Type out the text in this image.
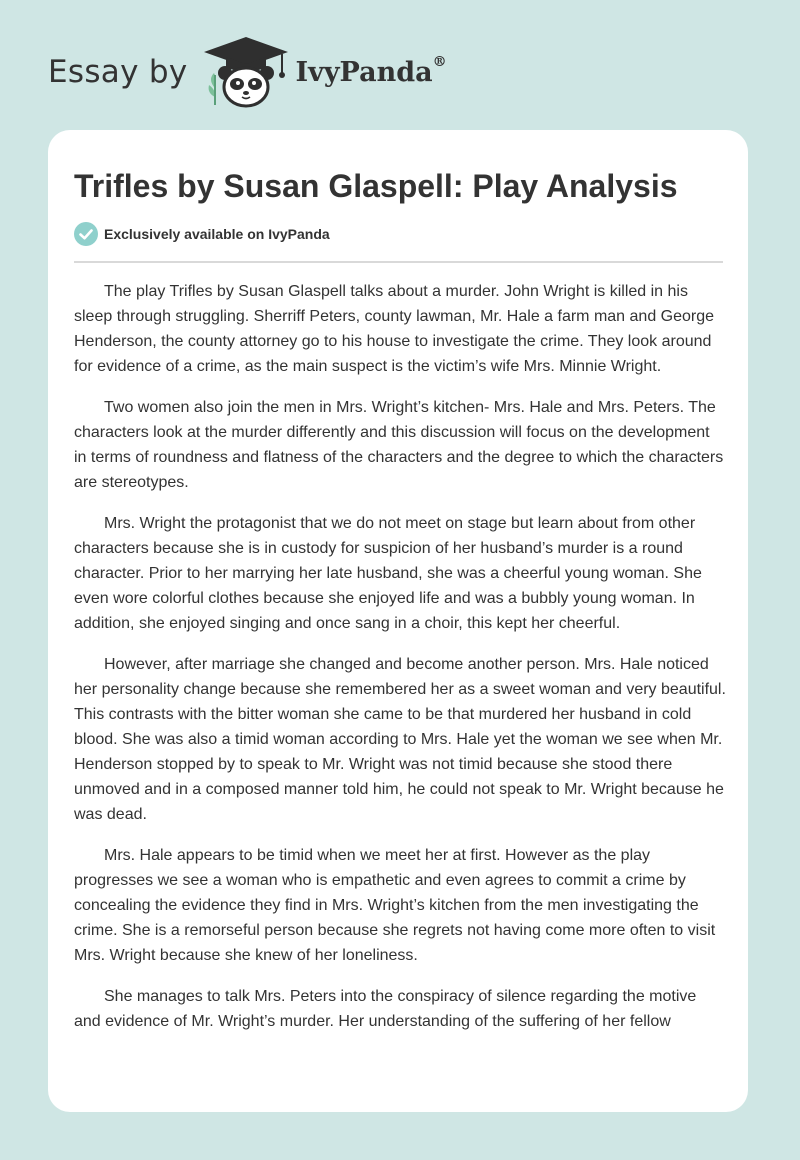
Essay by	IvyPanda®
Trifles by Susan Glaspell: Play Analysis
Exclusively available on IvyPanda

The play Trifles by Susan Glaspell talks about a murder. John Wright is killed in his sleep through struggling. Sherriff Peters, county lawman, Mr. Hale a farm man and George Henderson, the county attorney go to his house to investigate the crime. They look around for evidence of a crime, as the main suspect is the victim’s wife Mrs. Minnie Wright.

Two women also join the men in Mrs. Wright’s kitchen- Mrs. Hale and Mrs. Peters. The characters look at the murder differently and this discussion will focus on the development in terms of roundness and flatness of the characters and the degree to which the characters are stereotypes.

Mrs. Wright the protagonist that we do not meet on stage but learn about from other characters because she is in custody for suspicion of her husband’s murder is a round character. Prior to her marrying her late husband, she was a cheerful young woman. She even wore colorful clothes because she enjoyed life and was a bubbly young woman. In addition, she enjoyed singing and once sang in a choir, this kept her cheerful.

However, after marriage she changed and become another person. Mrs. Hale noticed her personality change because she remembered her as a sweet woman and very beautiful. This contrasts with the bitter woman she came to be that murdered her husband in cold blood. She was also a timid woman according to Mrs. Hale yet the woman we see when Mr. Henderson stopped by to speak to Mr. Wright was not timid because she stood there unmoved and in a composed manner told him, he could not speak to Mr. Wright because he was dead.

Mrs. Hale appears to be timid when we meet her at first. However as the play progresses we see a woman who is empathetic and even agrees to commit a crime by concealing the evidence they find in Mrs. Wright’s kitchen from the men investigating the crime. She is a remorseful person because she regrets not having come more often to visit Mrs. Wright because she knew of her loneliness.

She manages to talk Mrs. Peters into the conspiracy of silence regarding the motive and evidence of Mr. Wright’s murder. Her understanding of the suffering of her fellow
